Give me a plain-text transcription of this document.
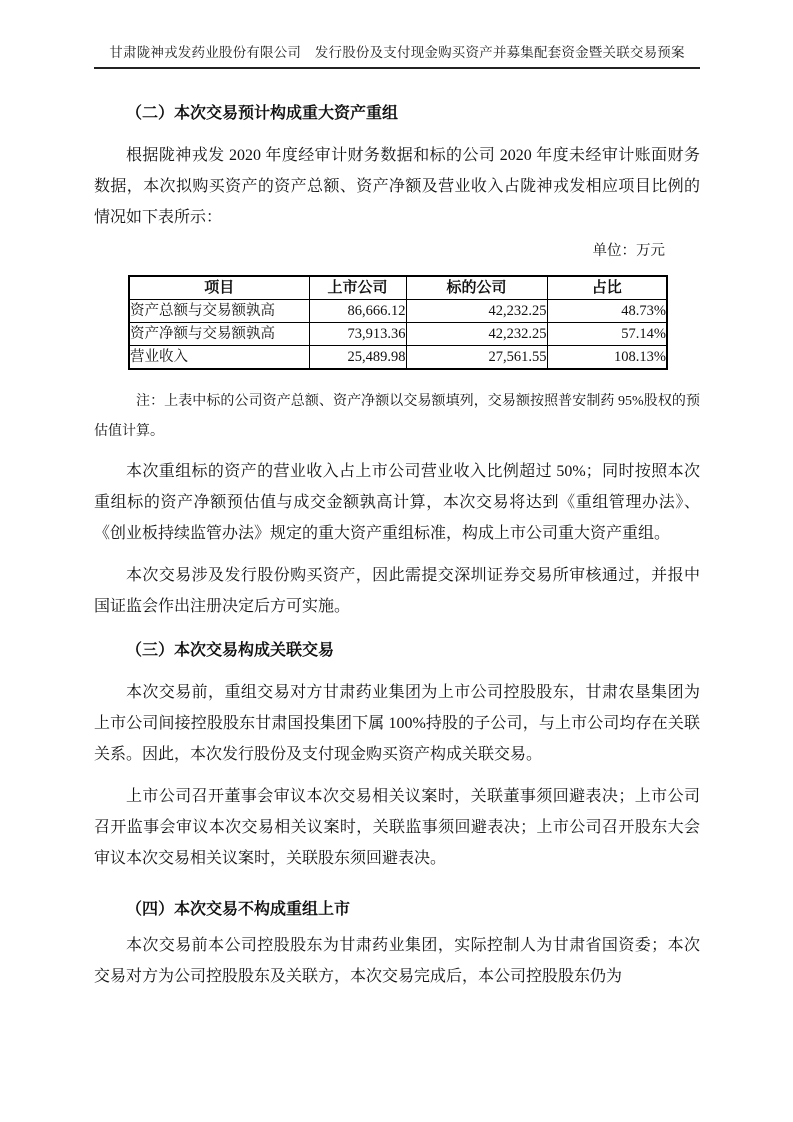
甘肃陇神戎发药业股份有限公司　发行股份及支付现金购买资产并募集配套资金暨关联交易预案

（二）本次交易预计构成重大资产重组

根据陇神戎发 2020 年度经审计财务数据和标的公司 2020 年度未经审计账面财务数据，本次拟购买资产的资产总额、资产净额及营业收入占陇神戎发相应项目比例的情况如下表所示：

单位：万元
项目	上市公司	标的公司	占比
资产总额与交易额孰高	86,666.12	42,232.25	48.73%
资产净额与交易额孰高	73,913.36	42,232.25	57.14%
营业收入	25,489.98	27,561.55	108.13%

注：上表中标的公司资产总额、资产净额以交易额填列，交易额按照普安制药 95%股权的预估值计算。

本次重组标的资产的营业收入占上市公司营业收入比例超过 50%；同时按照本次重组标的资产净额预估值与成交金额孰高计算，本次交易将达到《重组管理办法》、《创业板持续监管办法》规定的重大资产重组标准，构成上市公司重大资产重组。

本次交易涉及发行股份购买资产，因此需提交深圳证券交易所审核通过，并报中国证监会作出注册决定后方可实施。

（三）本次交易构成关联交易

本次交易前，重组交易对方甘肃药业集团为上市公司控股股东，甘肃农垦集团为上市公司间接控股股东甘肃国投集团下属 100%持股的子公司，与上市公司均存在关联关系。因此，本次发行股份及支付现金购买资产构成关联交易。

上市公司召开董事会审议本次交易相关议案时，关联董事须回避表决；上市公司召开监事会审议本次交易相关议案时，关联监事须回避表决；上市公司召开股东大会审议本次交易相关议案时，关联股东须回避表决。

（四）本次交易不构成重组上市

本次交易前本公司控股股东为甘肃药业集团，实际控制人为甘肃省国资委；本次交易对方为公司控股股东及关联方，本次交易完成后，本公司控股股东仍为
